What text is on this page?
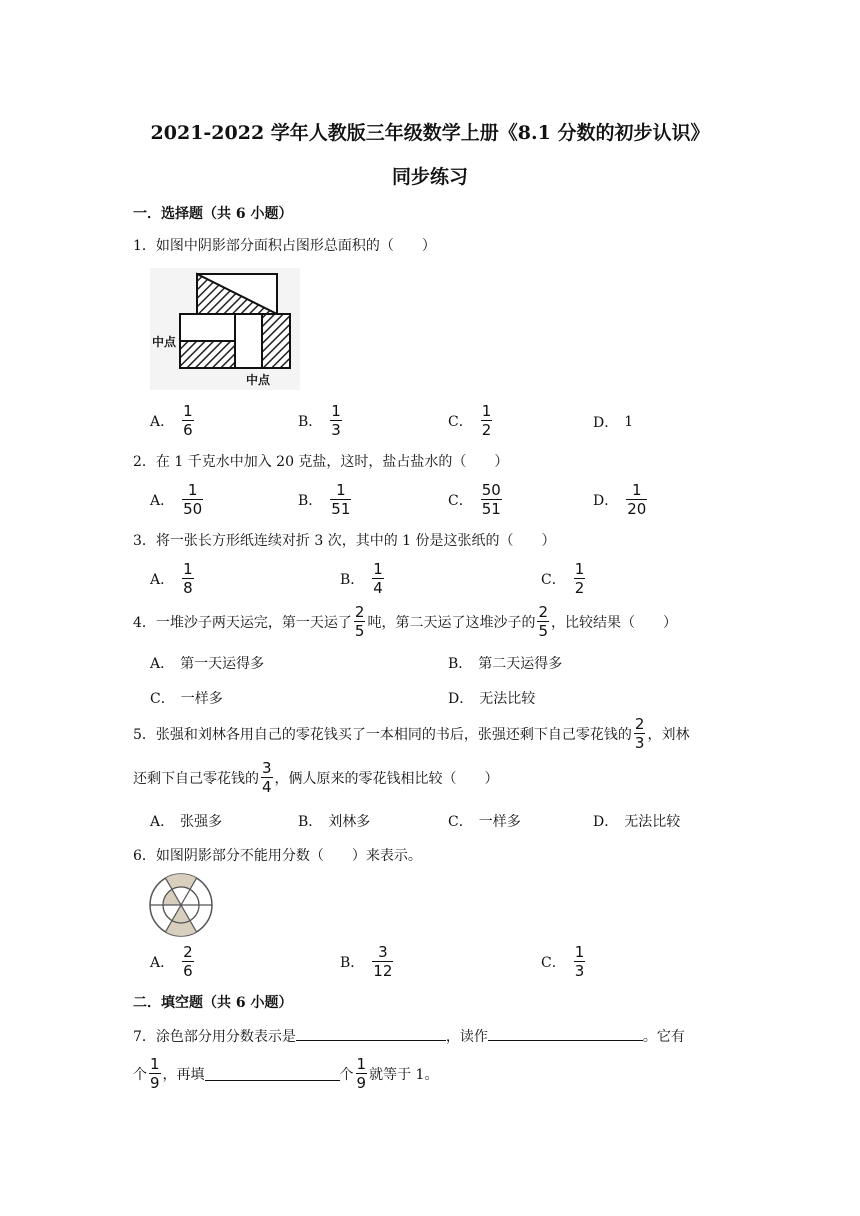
2021-2022 学年人教版三年级数学上册《8.1 分数的初步认识》
同步练习
一．选择题（共 6 小题）
1．如图中阴影部分面积占图形总面积的（　　）
中点
中点
A． $\frac{1}{6}$	B． $\frac{1}{3}$	C． $\frac{1}{2}$	D． 1
2．在 1 千克水中加入 20 克盐，这时，盐占盐水的（　　）
A． $\frac{1}{50}$	B． $\frac{1}{51}$	C． $\frac{50}{51}$	D． $\frac{1}{20}$
3．将一张长方形纸连续对折 3 次，其中的 1 份是这张纸的（　　）
A． $\frac{1}{8}$	B． $\frac{1}{4}$	C． $\frac{1}{2}$
4．一堆沙子两天运完，第一天运了 $\frac{2}{5}$ 吨，第二天运了这堆沙子的 $\frac{2}{5}$ ，比较结果（　　）
A． 第一天运得多	B． 第二天运得多
C． 一样多	D． 无法比较
5．张强和刘林各用自己的零花钱买了一本相同的书后，张强还剩下自己零花钱的 $\frac{2}{3}$ ，刘林
还剩下自己零花钱的 $\frac{3}{4}$ ，俩人原来的零花钱相比较（　　）
A． 张强多	B． 刘林多	C． 一样多	D． 无法比较
6．如图阴影部分不能用分数（　　）来表示。
A． $\frac{2}{6}$	B． $\frac{3}{12}$	C． $\frac{1}{3}$
二．填空题（共 6 小题）
7．涂色部分用分数表示是	，读作	。它有
个 $\frac{1}{9}$ ，再填	个 $\frac{1}{9}$ 就等于 1。
